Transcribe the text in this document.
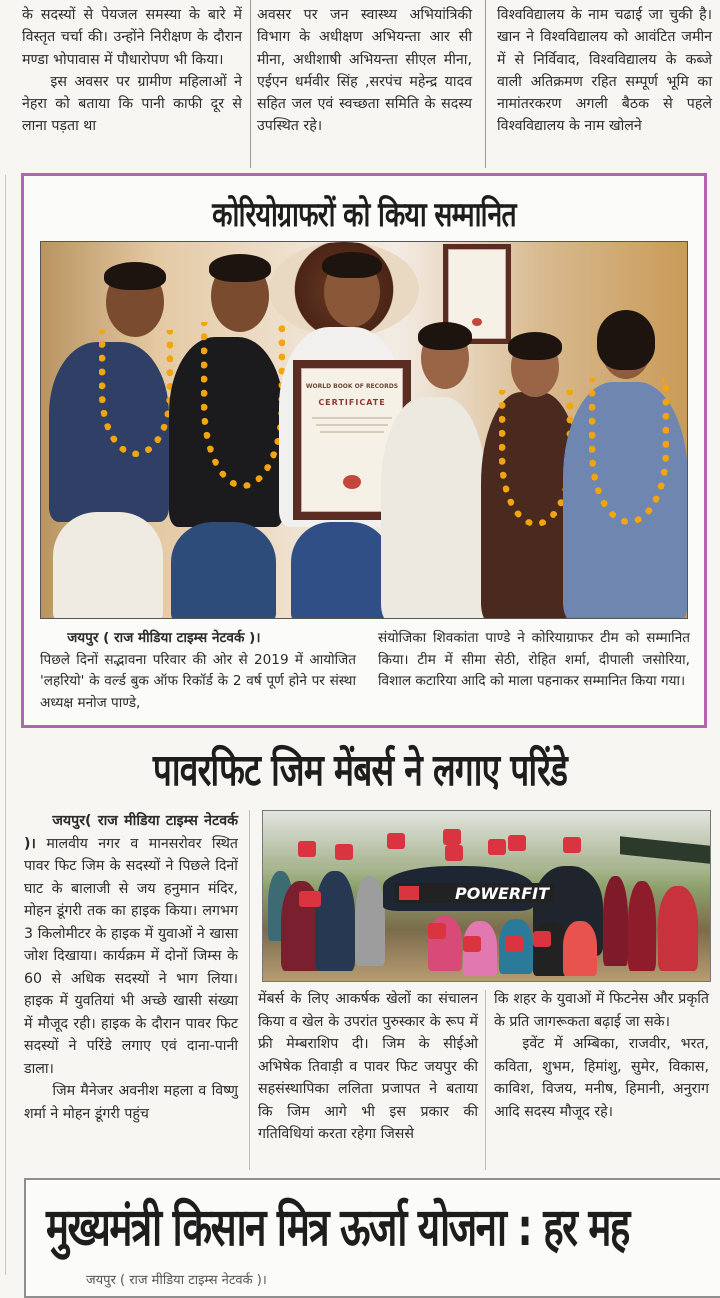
के सदस्यों से पेयजल समस्या के बारे में विस्तृत चर्चा की। उन्होंने निरीक्षण के दौरान मण्डा भोपावास में पौधारोपण भी किया।

इस अवसर पर ग्रामीण महिलाओं ने नेहरा को बताया कि पानी काफी दूर से लाना पड़ता था

अवसर पर जन स्वास्थ्य अभियांत्रिकी विभाग के अधीक्षण अभियन्ता आर सी मीना, अधीशाषी अभियन्ता सीएल मीना, एईएन धर्मवीर सिंह ,सरपंच महेन्द्र यादव सहित जल एवं स्वच्छता समिति के सदस्य उपस्थित रहे।

विश्वविद्यालय के नाम चढाई जा चुकी है। खान ने विश्वविद्यालय को आवंटित जमीन में से निर्विवाद, विश्वविद्यालय के कब्जे वाली अतिक्रमण रहित सम्पूर्ण भूमि का नामांतरकरण अगली बैठक से पहले विश्वविद्यालय के नाम खोलने

कोरियोग्राफरों को किया सम्मानित
WORLD BOOK OF RECORDS
CERTIFICATE

जयपुर ( राज मीडिया टाइम्स नेटवर्क )।

पिछले दिनों सद्भावना परिवार की ओर से 2019 में आयोजित 'लहरियो' के वर्ल्ड बुक ऑफ रिकॉर्ड के 2 वर्ष पूर्ण होने पर संस्था अध्यक्ष मनोज पाण्डे,

संयोजिका शिवकांता पाण्डे ने कोरियाग्राफर टीम को सम्मानित किया। टीम में सीमा सेठी, रोहित शर्मा, दीपाली जसोरिया, विशाल कटारिया आदि को माला पहनाकर सम्मानित किया गया।

पावरफिट जिम मेंबर्स ने लगाए परिंडे

जयपुर( राज मीडिया टाइम्स नेटवर्क )। मालवीय नगर व मानसरोवर स्थित पावर फिट जिम के सदस्यों ने पिछले दिनों घाट के बालाजी से जय हनुमान मंदिर, मोहन डूंगरी तक का हाइक किया। लगभग 3 किलोमीटर के हाइक में युवाओं ने खासा जोश दिखाया। कार्यक्रम में दोनों जिम्स के 60 से अधिक सदस्यों ने भाग लिया। हाइक में युवतियां भी अच्छे खासी संख्या में मौजूद रही। हाइक के दौरान पावर फिट सदस्यों ने परिंडे लगाए एवं दाना-पानी डाला।

जिम मैनेजर अवनीश महला व विष्णु शर्मा ने मोहन डूंगरी पहुंच

POWERFIT

मेंबर्स के लिए आकर्षक खेलों का संचालन किया व खेल के उपरांत पुरुस्कार के रूप में फ्री मेम्बराशिप दी। जिम के सीईओ अभिषेक तिवाड़ी व पावर फिट जयपुर की सहसंस्थापिका ललिता प्रजापत ने बताया कि जिम आगे भी इस प्रकार की गतिविधियां करता रहेगा जिससे

कि शहर के युवाओं में फिटनेस और प्रकृति के प्रति जागरूकता बढ़ाई जा सके।

इवेंट में अम्बिका, राजवीर, भरत, कविता, शुभम, हिमांशु, सुमेर, विकास, काविश, विजय, मनीष, हिमानी, अनुराग आदि सदस्य मौजूद रहे।

मुख्यमंत्री किसान मित्र ऊर्जा योजना : हर मह
जयपुर ( राज मीडिया टाइम्स नेटवर्क )।
